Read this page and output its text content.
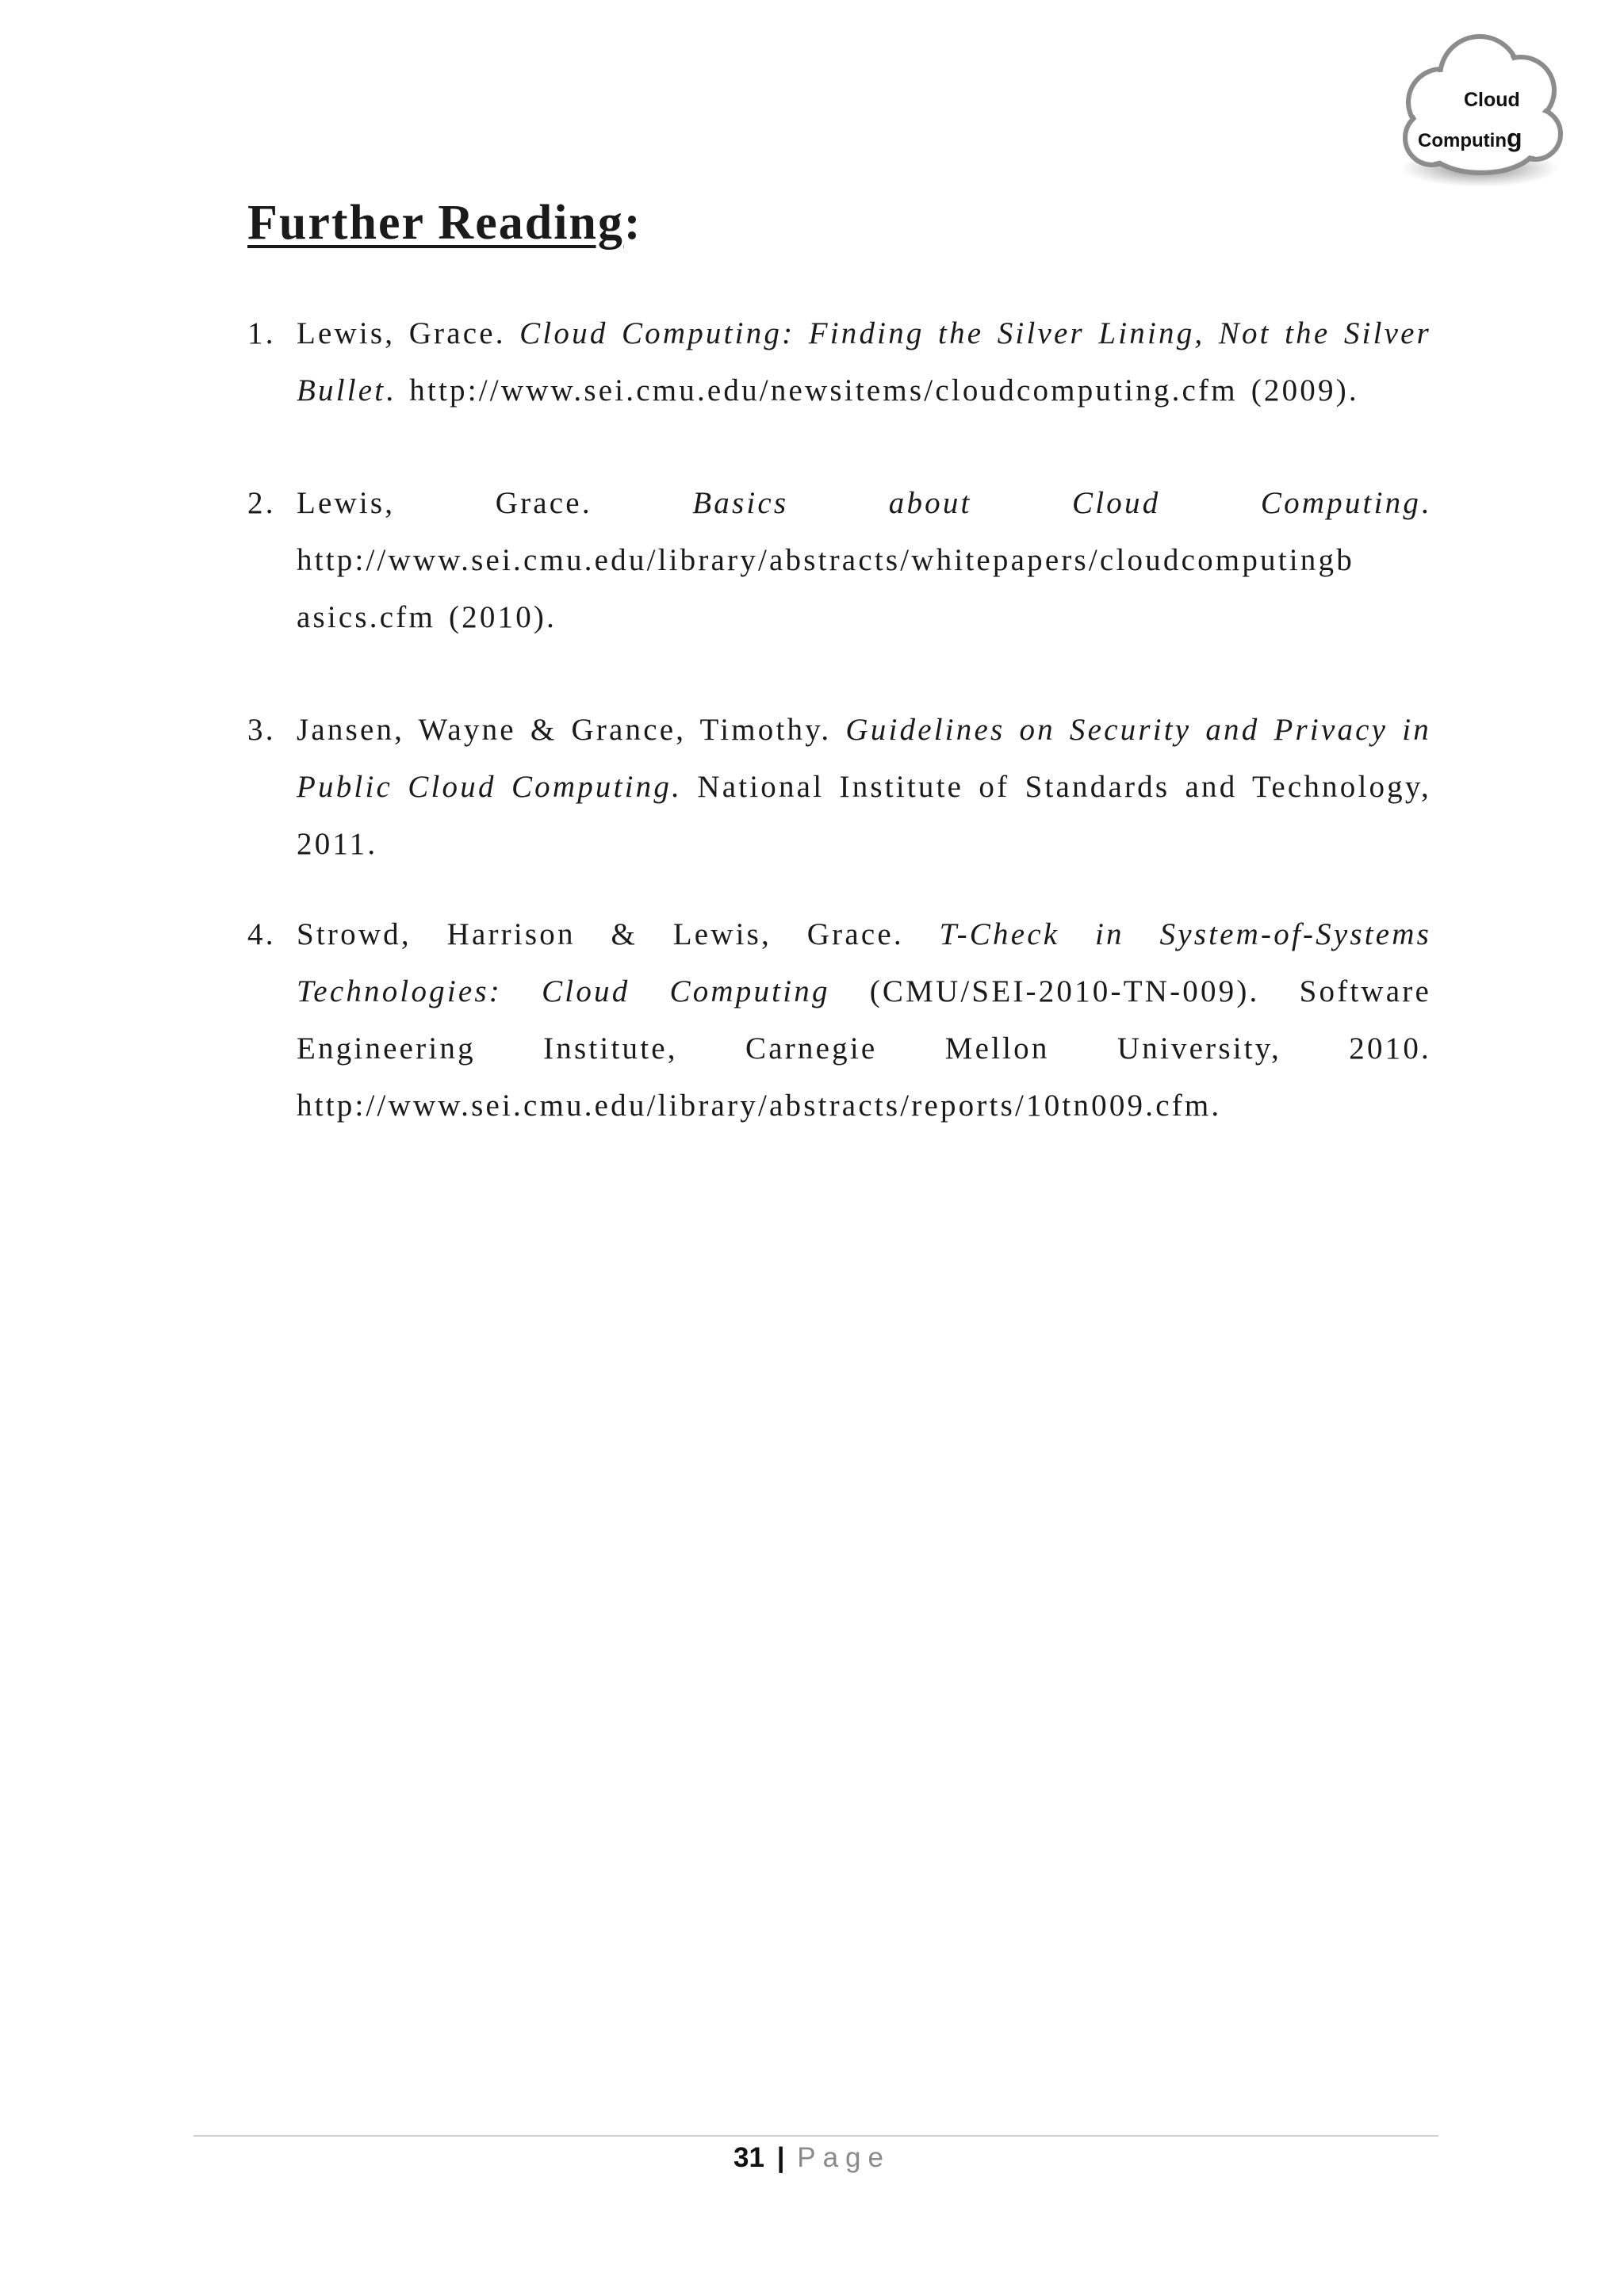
Cloud
Computing
Further Reading:
1. Lewis, Grace. Cloud Computing: Finding the Silver Lining, Not the Silver Bullet. http://www.sei.cmu.edu/newsitems/cloudcomputing.cfm (2009).
2. Lewis, Grace. Basics about Cloud Computing. http://www.sei.cmu.edu/library/abstracts/whitepapers/cloudcomputingb asics.cfm (2010).
3. Jansen, Wayne & Grance, Timothy. Guidelines on Security and Privacy in Public Cloud Computing. National Institute of Standards and Technology, 2011.
4. Strowd, Harrison & Lewis, Grace. T-Check in System-of-Systems Technologies: Cloud Computing (CMU/SEI-2010-TN-009). Software Engineering Institute, Carnegie Mellon University, 2010. http://www.sei.cmu.edu/library/abstracts/reports/10tn009.cfm.
31 | Page
